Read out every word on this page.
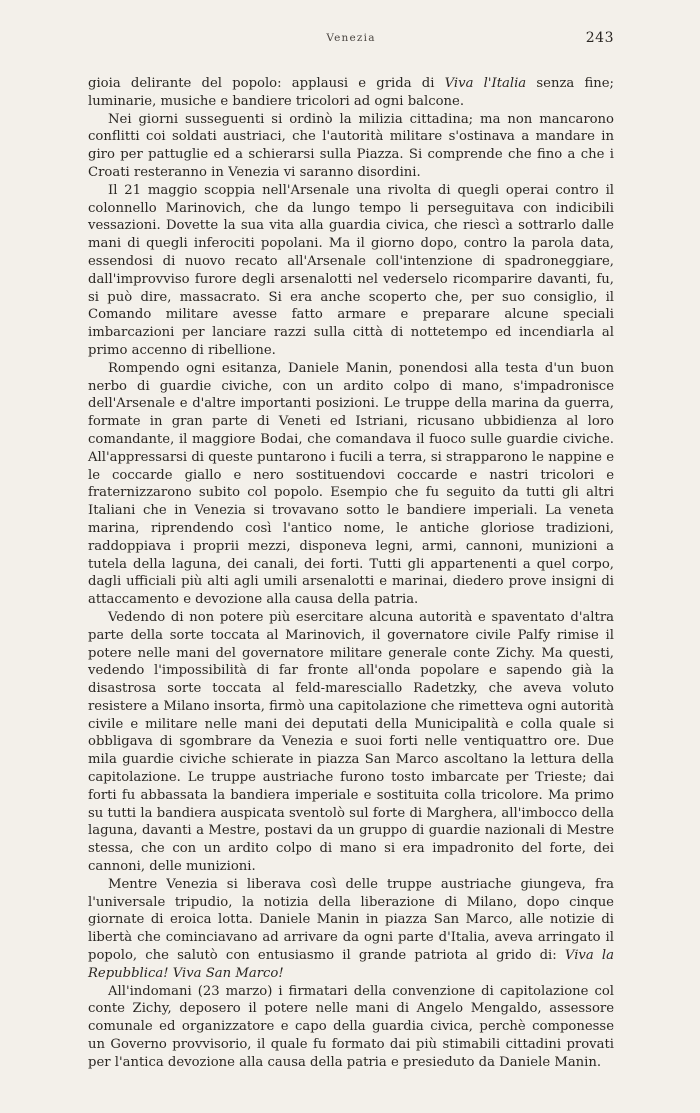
Venezia	243

gioia delirante del popolo: applausi e grida di Viva l'Italia senza fine; luminarie, musiche e bandiere tricolori ad ogni balcone.

Nei giorni susseguenti si ordinò la milizia cittadina; ma non mancarono conflitti coi soldati austriaci, che l'autorità militare s'ostinava a mandare in giro per pattuglie ed a schierarsi sulla Piazza. Si comprende che fino a che i Croati resteranno in Venezia vi saranno disordini.

Il 21 maggio scoppia nell'Arsenale una rivolta di quegli operai contro il colonnello Marinovich, che da lungo tempo li perseguitava con indicibili vessazioni. Dovette la sua vita alla guardia civica, che riescì a sottrarlo dalle mani di quegli inferociti popolani. Ma il giorno dopo, contro la parola data, essendosi di nuovo recato all'Arsenale coll'intenzione di spadroneggiare, dall'improvviso furore degli arsenalotti nel vederselo ricomparire davanti, fu, si può dire, massacrato. Si era anche scoperto che, per suo consiglio, il Comando militare avesse fatto armare e preparare alcune speciali imbarcazioni per lanciare razzi sulla città di nottetempo ed incendiarla al primo accenno di ribellione.

Rompendo ogni esitanza, Daniele Manin, ponendosi alla testa d'un buon nerbo di guardie civiche, con un ardito colpo di mano, s'impadronisce dell'Arsenale e d'altre importanti posizioni. Le truppe della marina da guerra, formate in gran parte di Veneti ed Istriani, ricusano ubbidienza al loro comandante, il maggiore Bodai, che comandava il fuoco sulle guardie civiche. All'appressarsi di queste puntarono i fucili a terra, si strapparono le nappine e le coccarde giallo e nero sostituendovi coccarde e nastri tricolori e fraternizzarono subito col popolo. Esempio che fu seguito da tutti gli altri Italiani che in Venezia si trovavano sotto le bandiere imperiali. La veneta marina, riprendendo così l'antico nome, le antiche gloriose tradizioni, raddoppiava i proprii mezzi, disponeva legni, armi, cannoni, munizioni a tutela della laguna, dei canali, dei forti. Tutti gli appartenenti a quel corpo, dagli ufficiali più alti agli umili arsenalotti e marinai, diedero prove insigni di attaccamento e devozione alla causa della patria.

Vedendo di non potere più esercitare alcuna autorità e spaventato d'altra parte della sorte toccata al Marinovich, il governatore civile Palfy rimise il potere nelle mani del governatore militare generale conte Zichy. Ma questi, vedendo l'impossibilità di far fronte all'onda popolare e sapendo già la disastrosa sorte toccata al feld-maresciallo Radetzky, che aveva voluto resistere a Milano insorta, firmò una capitolazione che rimetteva ogni autorità civile e militare nelle mani dei deputati della Municipalità e colla quale si obbligava di sgombrare da Venezia e suoi forti nelle ventiquattro ore. Due mila guardie civiche schierate in piazza San Marco ascoltano la lettura della capitolazione. Le truppe austriache furono tosto imbarcate per Trieste; dai forti fu abbassata la bandiera imperiale e sostituita colla tricolore. Ma primo su tutti la bandiera auspicata sventolò sul forte di Marghera, all'imbocco della laguna, davanti a Mestre, postavi da un gruppo di guardie nazionali di Mestre stessa, che con un ardito colpo di mano si era impadronito del forte, dei cannoni, delle munizioni.

Mentre Venezia si liberava così delle truppe austriache giungeva, fra l'universale tripudio, la notizia della liberazione di Milano, dopo cinque giornate di eroica lotta. Daniele Manin in piazza San Marco, alle notizie di libertà che cominciavano ad arrivare da ogni parte d'Italia, aveva arringato il popolo, che salutò con entusiasmo il grande patriota al grido di: Viva la Repubblica! Viva San Marco!

All'indomani (23 marzo) i firmatari della convenzione di capitolazione col conte Zichy, deposero il potere nelle mani di Angelo Mengaldo, assessore comunale ed organizzatore e capo della guardia civica, perchè componesse un Governo provvisorio, il quale fu formato dai più stimabili cittadini provati per l'antica devozione alla causa della patria e presieduto da Daniele Manin.
